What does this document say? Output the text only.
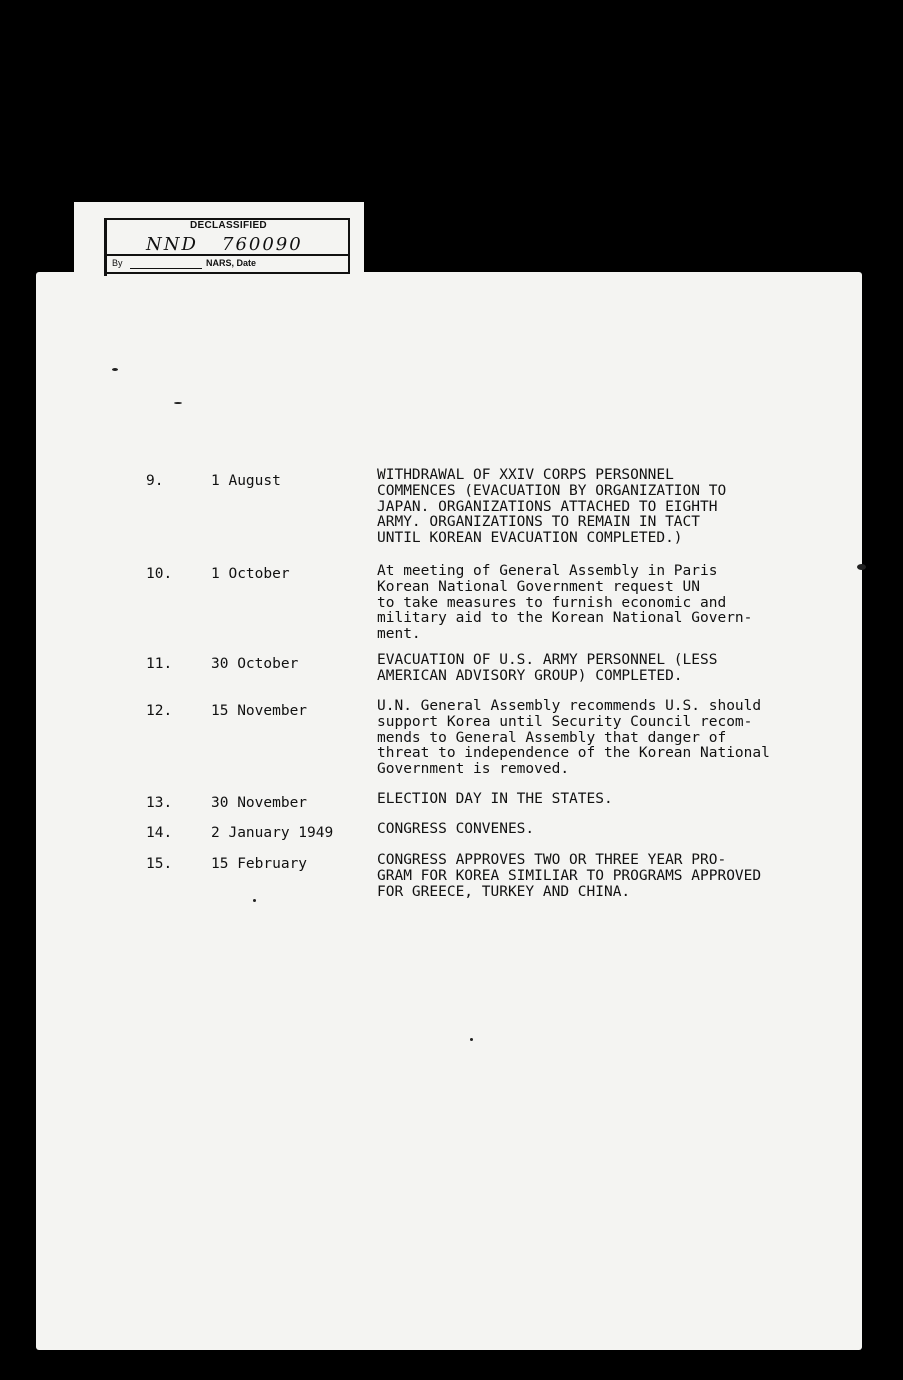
DECLASSIFIED
NND 760090
By	NARS, Date
9.	1 August	WITHDRAWAL OF XXIV CORPS PERSONNEL
COMMENCES (EVACUATION BY ORGANIZATION TO
JAPAN. ORGANIZATIONS ATTACHED TO EIGHTH
ARMY. ORGANIZATIONS TO REMAIN IN TACT
UNTIL KOREAN EVACUATION COMPLETED.)
10.	1 October	At meeting of General Assembly in Paris
Korean National Government request UN
to take measures to furnish economic and
military aid to the Korean National Govern-
ment.
11.	30 October	EVACUATION OF U.S. ARMY PERSONNEL (LESS
AMERICAN ADVISORY GROUP) COMPLETED.
12.	15 November	U.N. General Assembly recommends U.S. should
support Korea until Security Council recom-
mends to General Assembly that danger of
threat to independence of the Korean National
Government is removed.
13.	30 November	ELECTION DAY IN THE STATES.
14.	2 January 1949	CONGRESS CONVENES.
15.	15 February	CONGRESS APPROVES TWO OR THREE YEAR PRO-
GRAM FOR KOREA SIMILIAR TO PROGRAMS APPROVED
FOR GREECE, TURKEY AND CHINA.
